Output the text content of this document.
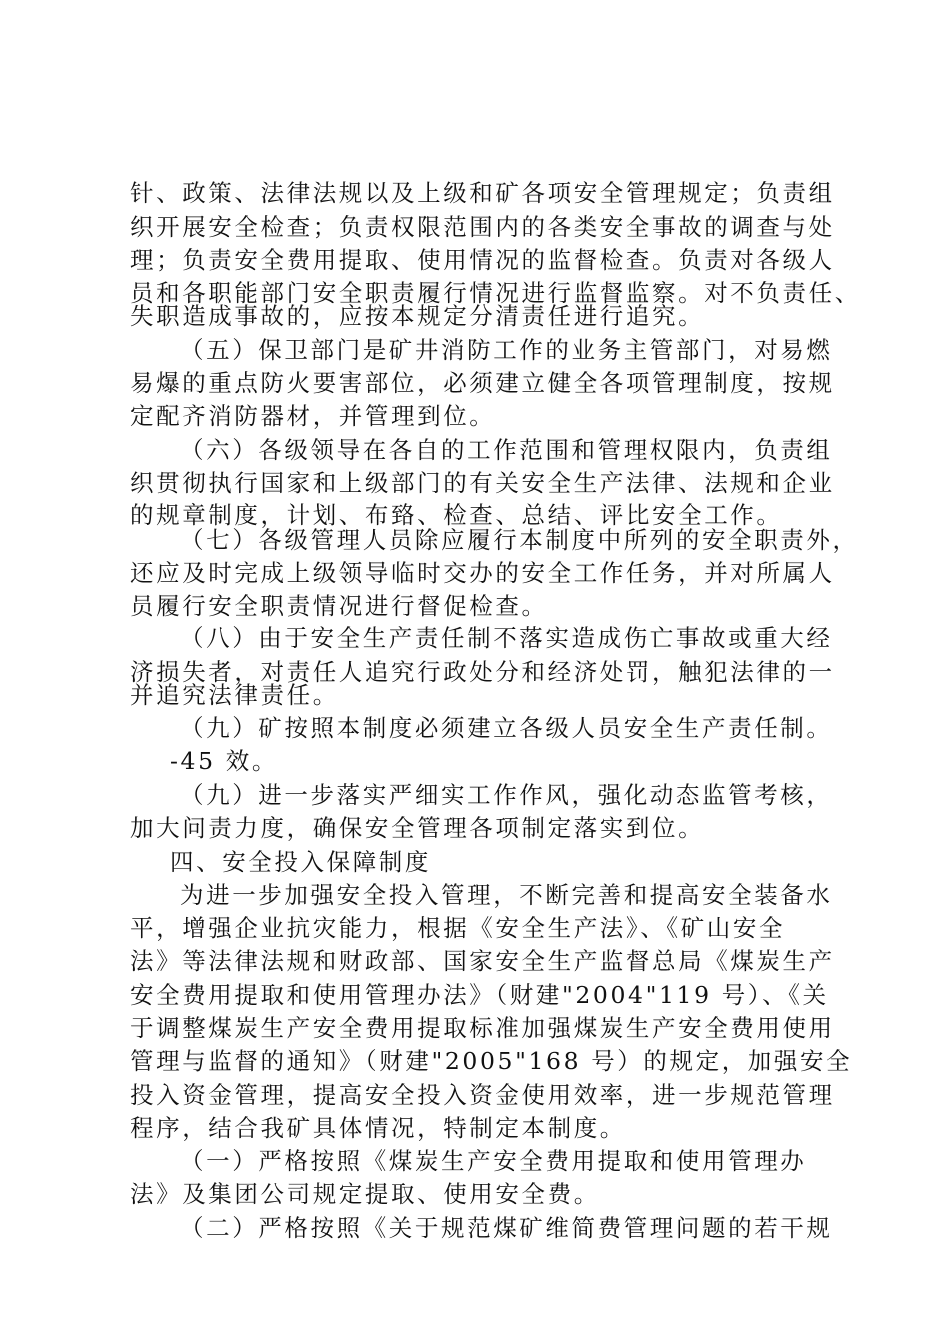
针、政策、法律法规以及上级和矿各项安全管理规定；负责组
织开展安全检查；负责权限范围内的各类安全事故的调查与处
理；负责安全费用提取、使用情况的监督检查。负责对各级人
员和各职能部门安全职责履行情况进行监督监察。对不负责任、
失职造成事故的，应按本规定分清责任进行追究。
（五）保卫部门是矿井消防工作的业务主管部门，对易燃
易爆的重点防火要害部位，必须建立健全各项管理制度，按规
定配齐消防器材，并管理到位。
（六）各级领导在各自的工作范围和管理权限内，负责组
织贯彻执行国家和上级部门的有关安全生产法律、法规和企业
的规章制度，计划、布臵、检查、总结、评比安全工作。
（七）各级管理人员除应履行本制度中所列的安全职责外，
还应及时完成上级领导临时交办的安全工作任务，并对所属人
员履行安全职责情况进行督促检查。
（八）由于安全生产责任制不落实造成伤亡事故或重大经
济损失者，对责任人追究行政处分和经济处罚，触犯法律的一
并追究法律责任。
（九）矿按照本制度必须建立各级人员安全生产责任制。
-45 效。
（九）进一步落实严细实工作作风，强化动态监管考核，
加大问责力度，确保安全管理各项制定落实到位。
四、安全投入保障制度
为进一步加强安全投入管理，不断完善和提高安全装备水
平，增强企业抗灾能力，根据《安全生产法》、《矿山安全
法》等法律法规和财政部、国家安全生产监督总局《煤炭生产
安全费用提取和使用管理办法》（财建"2004"119 号）、《关
于调整煤炭生产安全费用提取标准加强煤炭生产安全费用使用
管理与监督的通知》（财建"2005"168 号）的规定，加强安全
投入资金管理，提高安全投入资金使用效率，进一步规范管理
程序，结合我矿具体情况，特制定本制度。
（一）严格按照《煤炭生产安全费用提取和使用管理办
法》及集团公司规定提取、使用安全费。
（二）严格按照《关于规范煤矿维简费管理问题的若干规
